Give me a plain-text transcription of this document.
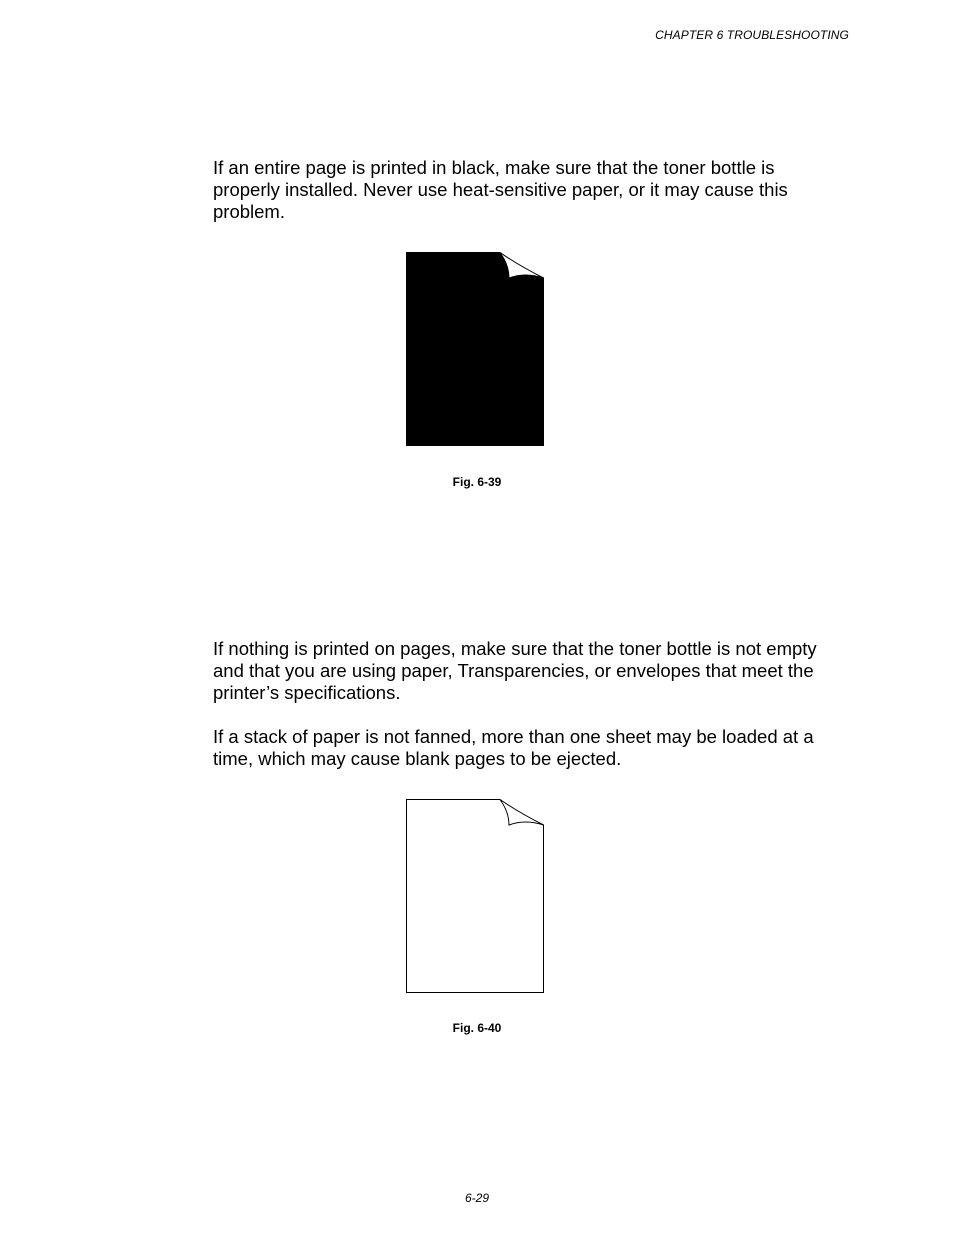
CHAPTER 6 TROUBLESHOOTING

If an entire page is printed in black, make sure that the toner bottle is properly installed. Never use heat-sensitive paper, or it may cause this problem.

Fig. 6-39

If nothing is printed on pages, make sure that the toner bottle is not empty and that you are using paper, Transparencies, or envelopes that meet the printer’s specifications.

If a stack of paper is not fanned, more than one sheet may be loaded at a time, which may cause blank pages to be ejected.

Fig. 6-40
6-29
